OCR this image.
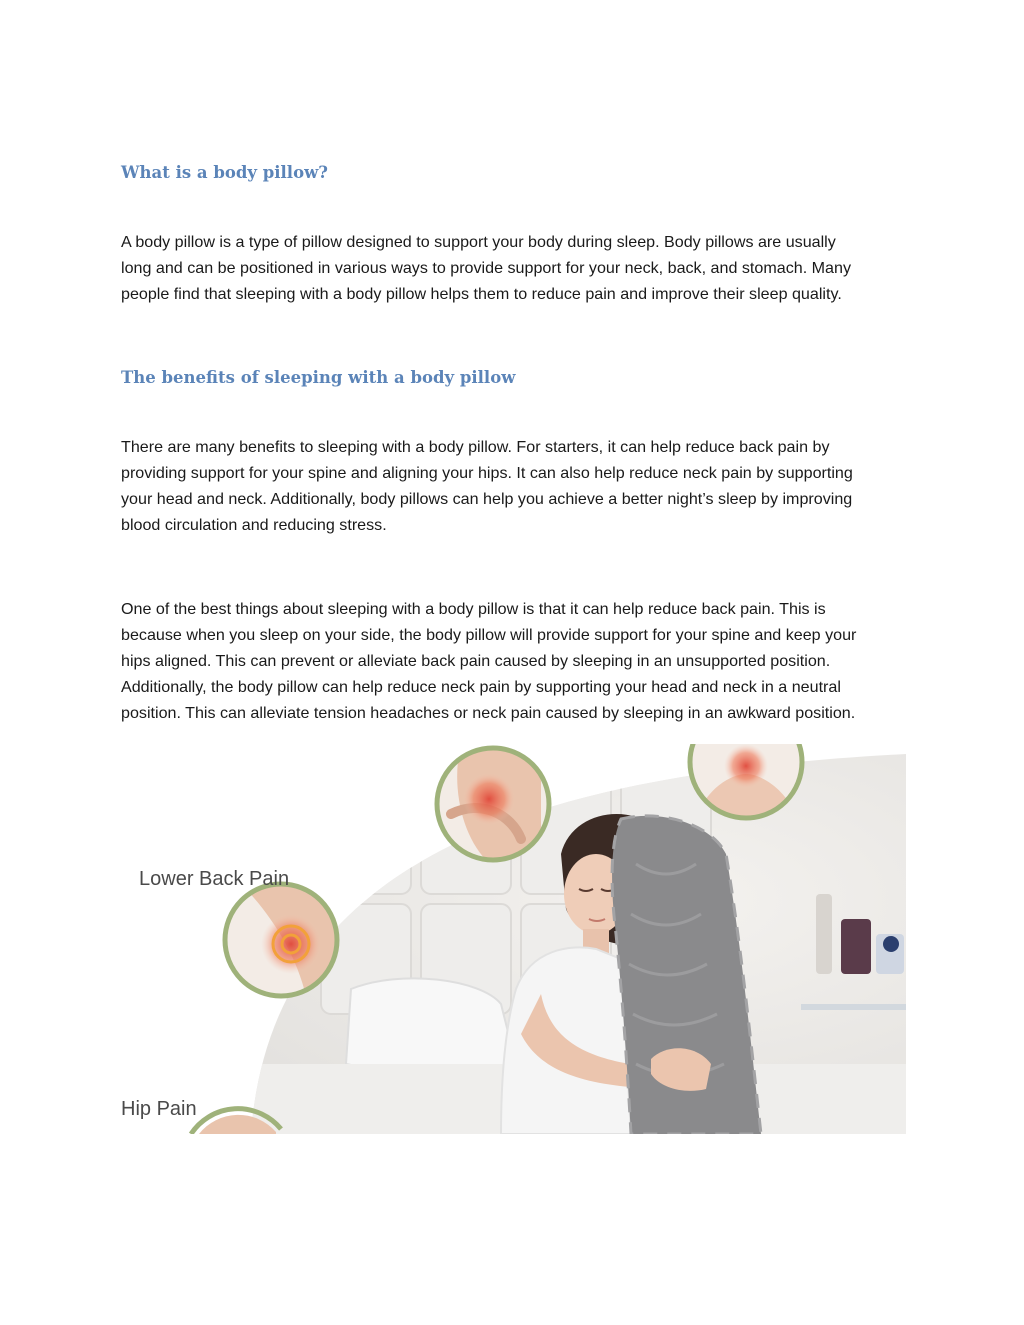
What is a body pillow?

A body pillow is a type of pillow designed to support your body during sleep. Body pillows are usually
long and can be positioned in various ways to provide support for your neck, back, and stomach. Many
people find that sleeping with a body pillow helps them to reduce pain and improve their sleep quality.

The benefits of sleeping with a body pillow

There are many benefits to sleeping with a body pillow. For starters, it can help reduce back pain by
providing support for your spine and aligning your hips. It can also help reduce neck pain by supporting
your head and neck. Additionally, body pillows can help you achieve a better night’s sleep by improving
blood circulation and reducing stress.

One of the best things about sleeping with a body pillow is that it can help reduce back pain. This is
because when you sleep on your side, the body pillow will provide support for your spine and keep your
hips aligned. This can prevent or alleviate back pain caused by sleeping in an unsupported position.
Additionally, the body pillow can help reduce neck pain by supporting your head and neck in a neutral
position. This can alleviate tension headaches or neck pain caused by sleeping in an awkward position.

Lower Back Pain
Hip Pain
